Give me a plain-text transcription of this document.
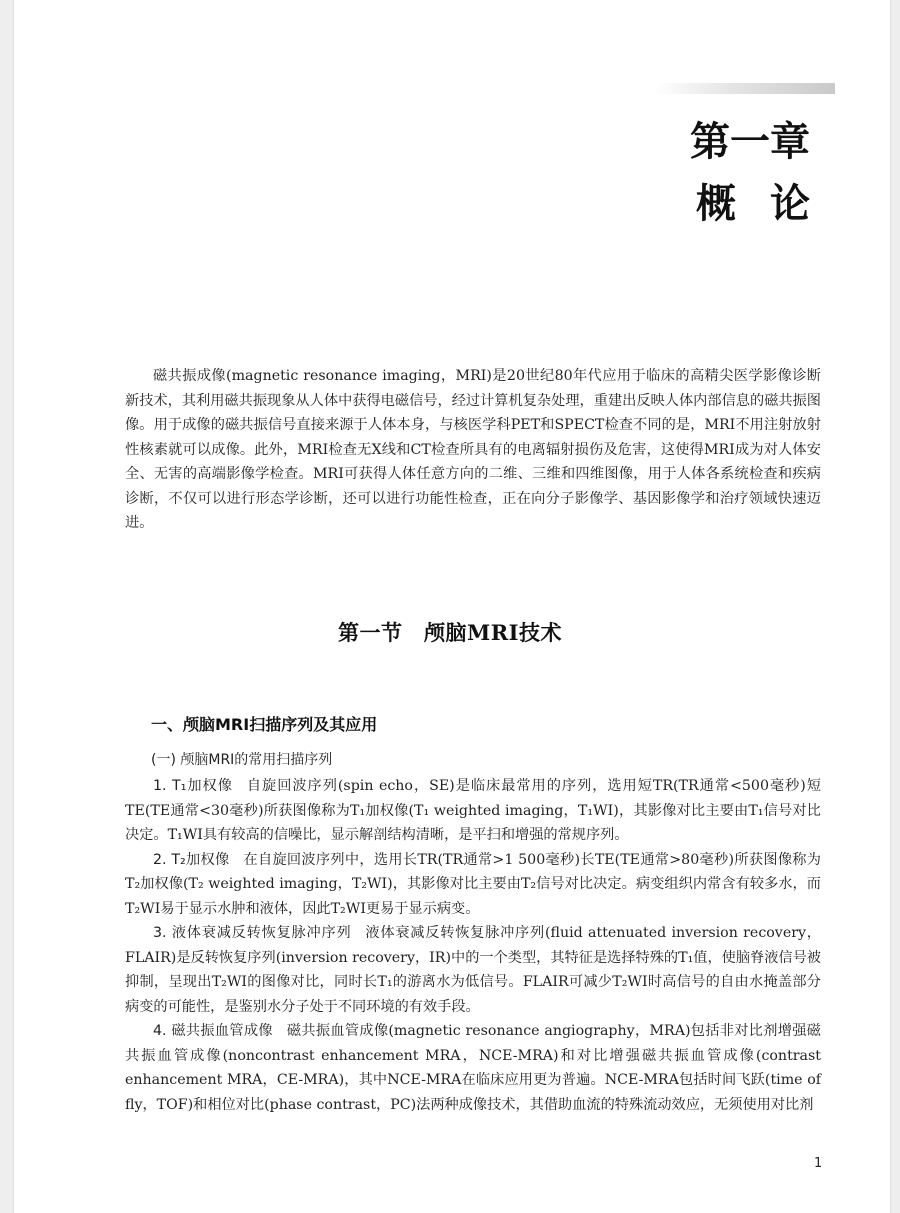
第一章
概论

磁共振成像(magnetic resonance imaging，MRI)是20世纪80年代应用于临床的高精尖医学影像诊断新技术，其利用磁共振现象从人体中获得电磁信号，经过计算机复杂处理，重建出反映人体内部信息的磁共振图像。用于成像的磁共振信号直接来源于人体本身，与核医学科PET和SPECT检查不同的是，MRI不用注射放射性核素就可以成像。此外，MRI检查无X线和CT检查所具有的电离辐射损伤及危害，这使得MRI成为对人体安全、无害的高端影像学检查。MRI可获得人体任意方向的二维、三维和四维图像，用于人体各系统检查和疾病诊断，不仅可以进行形态学诊断，还可以进行功能性检查，正在向分子影像学、基因影像学和治疗领域快速迈进。

第一节　颅脑MRI技术
一、颅脑MRI扫描序列及其应用
(一) 颅脑MRI的常用扫描序列

1. T₁加权像 自旋回波序列(spin echo，SE)是临床最常用的序列，选用短TR(TR通常<500毫秒)短TE(TE通常<30毫秒)所获图像称为T₁加权像(T₁ weighted imaging，T₁WI)，其影像对比主要由T₁信号对比决定。T₁WI具有较高的信噪比，显示解剖结构清晰，是平扫和增强的常规序列。

2. T₂加权像 在自旋回波序列中，选用长TR(TR通常>1 500毫秒)长TE(TE通常>80毫秒)所获图像称为T₂加权像(T₂ weighted imaging，T₂WI)，其影像对比主要由T₂信号对比决定。病变组织内常含有较多水，而T₂WI易于显示水肿和液体，因此T₂WI更易于显示病变。

3. 液体衰减反转恢复脉冲序列 液体衰减反转恢复脉冲序列(fluid attenuated inversion recovery，FLAIR)是反转恢复序列(inversion recovery，IR)中的一个类型，其特征是选择特殊的T₁值，使脑脊液信号被抑制，呈现出T₂WI的图像对比，同时长T₁的游离水为低信号。FLAIR可减少T₂WI时高信号的自由水掩盖部分病变的可能性，是鉴别水分子处于不同环境的有效手段。

4. 磁共振血管成像 磁共振血管成像(magnetic resonance angiography，MRA)包括非对比剂增强磁共振血管成像(noncontrast enhancement MRA，NCE-MRA)和对比增强磁共振血管成像(contrast enhancement MRA，CE-MRA)，其中NCE-MRA在临床应用更为普遍。NCE-MRA包括时间飞跃(time of fly，TOF)和相位对比(phase contrast，PC)法两种成像技术，其借助血流的特殊流动效应，无须使用对比剂

1
